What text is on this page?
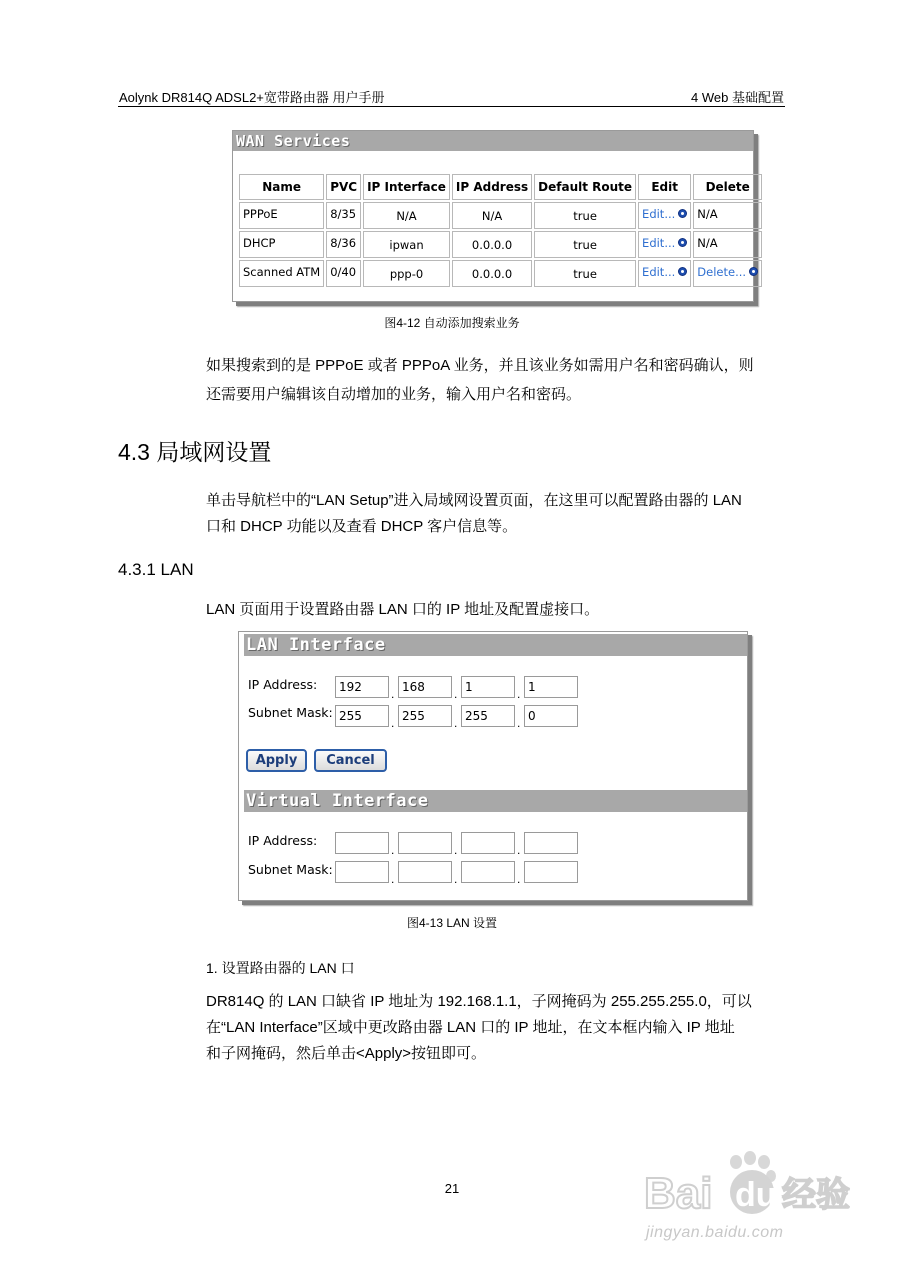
Aolynk DR814Q ADSL2+宽带路由器 用户手册	4 Web 基础配置
WAN Services
Name	PVC	IP Interface	IP Address	Default Route	Edit	Delete
PPPoE	8/35	N/A	N/A	true	Edit...	N/A
DHCP	8/36	ipwan	0.0.0.0	true	Edit...	N/A
Scanned ATM	0/40	ppp-0	0.0.0.0	true	Edit...	Delete...
图4-12 自动添加搜索业务
如果搜索到的是 PPPoE 或者 PPPoA 业务，并且该业务如需用户名和密码确认，则
还需要用户编辑该自动增加的业务，输入用户名和密码。
4.3 局域网设置
单击导航栏中的“LAN Setup”进入局域网设置页面，在这里可以配置路由器的 LAN
口和 DHCP 功能以及查看 DHCP 客户信息等。
4.3.1 LAN
LAN 页面用于设置路由器 LAN 口的 IP 地址及配置虚接口。
LAN Interface
IP Address:	192	. 168	. 1	. 1
Subnet Mask: 255	. 255	. 255	. 0
Apply	Cancel
Virtual Interface
IP Address:
.	.	.
Subnet Mask:
.	.	.
图4-13 LAN 设置
1. 设置路由器的 LAN 口
DR814Q 的 LAN 口缺省 IP 地址为 192.168.1.1，子网掩码为 255.255.255.0，可以
在“LAN Interface”区域中更改路由器 LAN 口的 IP 地址，在文本框内输入 IP 地址
和子网掩码，然后单击<Apply>按钮即可。
21	Bai du 经验
jingyan.baidu.com
